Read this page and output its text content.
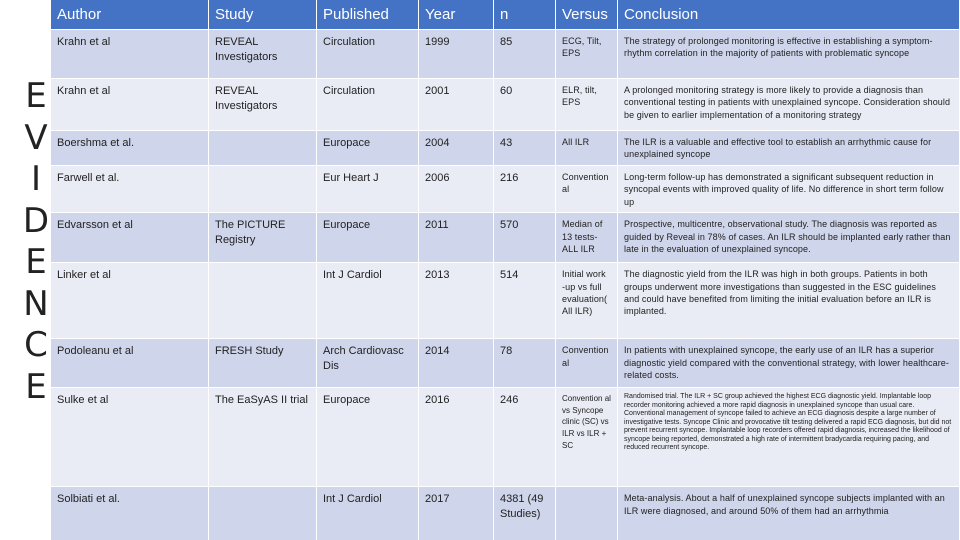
E
V
I
D
E
N
C
E
Author	Study	Published	Year	n	Versus	Conclusion
Krahn et al	REVEAL Investigators	Circulation	1999	85	ECG, Tilt, EPS	The strategy of prolonged monitoring is effective in establishing a symptom-rhythm correlation in the majority of patients with problematic syncope
Krahn et al	REVEAL Investigators	Circulation	2001	60	ELR, tilt, EPS	A prolonged monitoring strategy is more likely to provide a diagnosis than conventional testing in patients with unexplained syncope. Consideration should be given to earlier implementation of a monitoring strategy
Boershma et al.		Europace	2004	43	All ILR	The ILR is a valuable and effective tool to establish an arrhythmic cause for unexplained syncope
Farwell et al.		Eur Heart J	2006	216	Convention al	Long-term follow-up has demonstrated a significant subsequent reduction in syncopal events with improved quality of life. No difference in short term follow up
Edvarsson et al	The PICTURE Registry	Europace	2011	570	Median of 13 tests-ALL ILR	Prospective, multicentre, observational study. The diagnosis was reported as guided by Reveal in 78% of cases. An ILR should be implanted early rather than late in the evaluation of unexplained syncope.
Linker et al		Int J Cardiol	2013	514	Initial work -up vs full evaluation( All ILR)	The diagnostic yield from the ILR was high in both groups. Patients in both groups underwent more investigations than suggested in the ESC guidelines and could have benefited from limiting the initial evaluation before an ILR is implanted.
Podoleanu et al	FRESH Study	Arch Cardiovasc Dis	2014	78	Convention al	In patients with unexplained syncope, the early use of an ILR has a superior diagnostic yield compared with the conventional strategy, with lower healthcare-related costs.
Sulke et al	The EaSyAS II trial	Europace	2016	246	Convention al vs Syncope clinic (SC) vs ILR vs ILR + SC	Randomised trial. The ILR + SC group achieved the highest ECG diagnostic yield. Implantable loop recorder monitoring achieved a more rapid diagnosis in unexplained syncope than usual care. Conventional management of syncope failed to achieve an ECG diagnosis despite a large number of investigative tests. Syncope Clinic and provocative tilt testing delivered a rapid ECG diagnosis, but did not prevent recurrent syncope. Implantable loop recorders offered rapid diagnosis, increased the likelihood of syncope being reported, demonstrated a high rate of intermittent bradycardia requiring pacing, and reduced recurrent syncope.
Solbiati et al.		Int J Cardiol	2017	4381 (49 Studies)		Meta-analysis. About a half of unexplained syncope subjects implanted with an ILR were diagnosed, and around 50% of them had an arrhythmia
